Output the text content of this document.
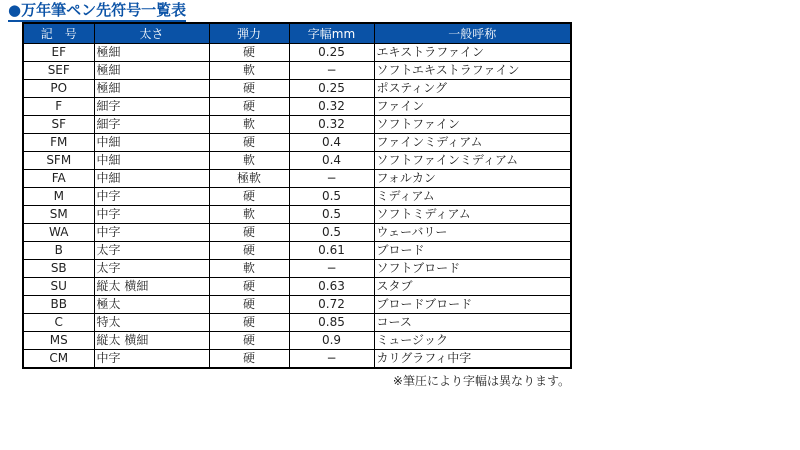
●万年筆ペン先符号一覧表
記　号	太さ	弾力	字幅mm	一般呼称
EF	極細	硬	0.25	エキストラファイン
SEF	極細	軟	−	ソフトエキストラファイン
PO	極細	硬	0.25	ポスティング
F	細字	硬	0.32	ファイン
SF	細字	軟	0.32	ソフトファイン
FM	中細	硬	0.4	ファインミディアム
SFM	中細	軟	0.4	ソフトファインミディアム
FA	中細	極軟	−	フォルカン
M	中字	硬	0.5	ミディアム
SM	中字	軟	0.5	ソフトミディアム
WA	中字	硬	0.5	ウェーバリー
B	太字	硬	0.61	ブロード
SB	太字	軟	−	ソフトブロード
SU	縦太 横細	硬	0.63	スタブ
BB	極太	硬	0.72	ブロードブロード
C	特太	硬	0.85	コース
MS	縦太 横細	硬	0.9	ミュージック
CM	中字	硬	−	カリグラフィ中字
※筆圧により字幅は異なります。
